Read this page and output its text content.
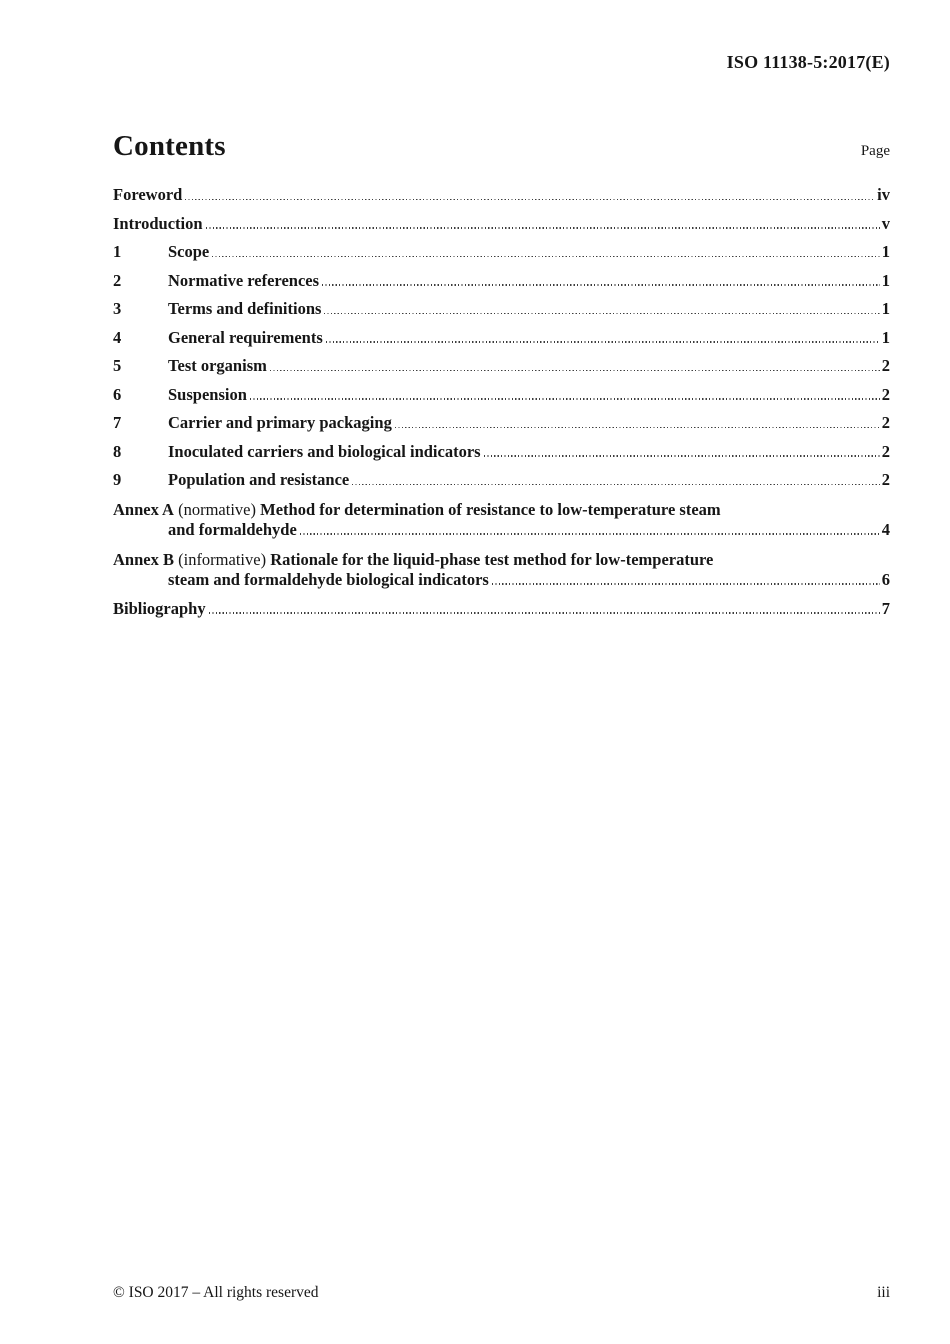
ISO 11138-5:2017(E)
Contents	Page
Foreword	iv
Introduction	v
1	Scope	1
2	Normative references	1
3	Terms and definitions	1
4	General requirements	1
5	Test organism	2
6	Suspension	2
7	Carrier and primary packaging	2
8	Inoculated carriers and biological indicators	2
9	Population and resistance	2
Annex A (normative) Method for determination of resistance to low-temperature steam
and formaldehyde	4
Annex B (informative) Rationale for the liquid-phase test method for low-temperature
steam and formaldehyde biological indicators	6
Bibliography	7
© ISO 2017 – All rights reserved	iii
